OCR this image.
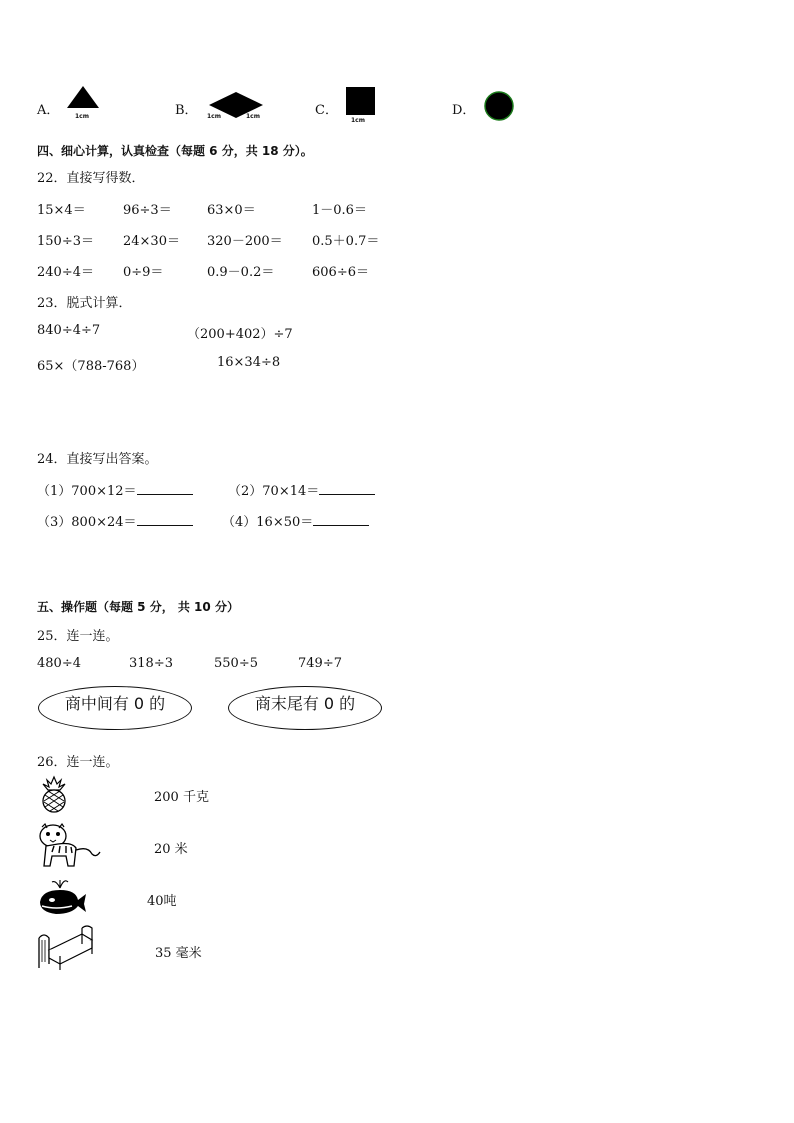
A．	1cm	B． 1cm	1cm	C．
1cm
D．
四、细心计算，认真检查（每题 6 分，共 18 分）。
22．直接写得数．
15×4＝	96÷3＝	63×0＝	1－0.6＝
150÷3＝ 24×30＝ 320－200＝ 0.5＋0.7＝
240÷4＝ 0÷9＝	0.9－0.2＝	606÷6＝
23．脱式计算．
840÷4÷7	（200+402）÷7
65×（788-768）	16×34÷8
24．直接写出答案。
（1）700×12＝	（2）70×14＝
（3）800×24＝	（4）16×50＝
五、操作题（每题 5 分， 共 10 分）
25．连一连。
480÷4	318÷3	550÷5	749÷7
商中间有 0 的	商末尾有 0 的
26．连一连。
200 千克
20 米
40吨
35 毫米
